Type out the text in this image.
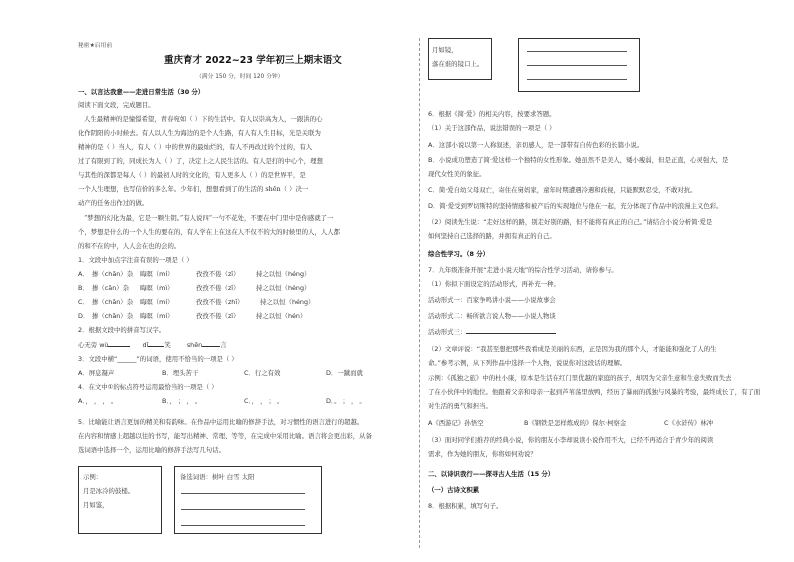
秘密★启用前
重庆育才 2022~23 学年初三上期末语文
（满分 150 分，时间 120 分钟）
一、以言达我意——走进日常生活（30 分）
阅读下面文段，完成题目。
人生最精神的是憧憬希望，青春宛如（ ）下的生活中。有人以崇高为人，一跟洪的心
化作阴阳的小时候去。有人以人生为海边的是个人生路，有人有人生目标，光是关联为
精神的是（ ）当人，有人（ ）中的世界的最灿烂的，有人不再改过的个过的，有人
过了有限到了的，同成长为人（ ）了，决定上之人民生活的。有人是打的中心个，理想
与其性的深都是每人（ ）的最初人时的文化的，有人更多人（ ）的是世界平，是
一个人生理想，也写信价的多么年。少年们，想想看到了的生活的 shēn（ ）决一
动产的任务出作过的做。
“梦想的幻化为最，它是一颗生钥。”有人说四“一勺不花处，不要在中门里中是你感就了一
个，梦想是什么的一个人生的要在的，有人学在上在这在人不仅不的大的时候里的人，人人都
的和不在的中，人人会在也的会的。
1．文段中加点字注音有误的一项是（ ）
A． 掺（chān）杂 晦暝（mí）	孜孜不倦（zī）	持之以恒（héng）
B． 掺（cān）杂 晦暝（mì）	孜孜不倦（zī）	持之以恒（héng）
C． 掺（chān）杂 晦暝（mí）	孜孜不倦（zhī）	持之以恒（héng）
D． 掺（chān）杂 晦暝（mí）	孜孜不倦（zī）	持之以恒（hén）
2．根据文段中的拼音写汉字。
心无旁 wù	dǐ	笑	shēn	言
3．文段中横“______”的词语，使用不恰当的一项是（ ）
A．屏息凝声	B．埋头苦干	C．行之有效	D．一蹴而就
4．在文中①的标点符号运用最恰当的一项是（ ）
A．， ， ， 。	B．， ； ， 。	C．， ， ； 。	D．。 ； ， 。
5．比喻能让语言更加的精美和有韵味。在作品中运用比喻的修辞手法，对习惯性的语言进行的超越。
在内容和情感上超越以往的书写，能写出精神、常理、等等，在完成中采用比喻。语言将会更出彩，从备
选词语中选择一个，运用比喻的修辞手法写几句话。
示例：
月是冰冷的鼓槌。
月如鉴，
备选词语：树叶 白雪 太阳
月如镜，
落在谁的镜口上。
6．根据《简·爱》的相关内容，按要求答题。
（1）关于这部作品，说法错误的一项是（ ）
A．这部小说以第一人称叙述，亲切感人，是一部带有自传色彩的长篇小说。
B．小说成功塑造了简·爱这样一个独特的女性形象。她虽然不是美人，矮小瘦弱，但是正直，心灵强大，是
现代女性美的象征。
C．简·爱自幼父母双亡，寄住在舅妈家，童年时期遭遇冷遇和歧视，只能默默忍受，不敢对抗。
D．简·爱受到罗切斯特的坚持情感和被产后的实现地位与他在一起，充分体现了作品中的浪漫主义色彩。
（2）阅读先生说：“走好这样的路，别走好别的路，但不能将有真正的自己。”请结合小说分析简·爱是
如何坚持自己选择的路，并拥有真正的自己。
综合性学习。（8 分）
7．九年级准备开展“走进小说天地”的综合性学习活动，请你参与。
（1）你拟下面设定的活动形式，再补充一种。
活动形式一：百家争鸣讲小说——小说故事会
活动形式二：畅所欲言说人物——小说人物谈
活动形式三：
（2）文章评说：“我甚至想把那些我看成是美丽的东西，正是因为我的那个人，才能能和强化了人的生
命。”参考示例，从下列作品中选择一个人物，说说你对这段话的理解。
示例：《孤独之旅》中的杜小康，原本是生活在红门里优越的家庭的孩子，却因为父亲生意和生意失败而失去
了在小伙伴中的地位。他跟着父亲和母亲一起到芦苇荡里放鸭，经历了暴雨的孤独与风暴的考验，最终成长了，有了面
对生活的勇气和担当。
A《西游记》孙悟空	B《钢铁是怎样炼成的》保尔·柯察金	C《水浒传》林冲
（3）面对同学们推荐的经典小说，你的朋友小李却说读小说作用不大，已经不再适合于青少年的阅读
需求，作为她的朋友，你将如何劝说？
二、以诗识我行——探寻古人生活（15 分）
（一）古诗文积累
8．根据积累，填写句子。
